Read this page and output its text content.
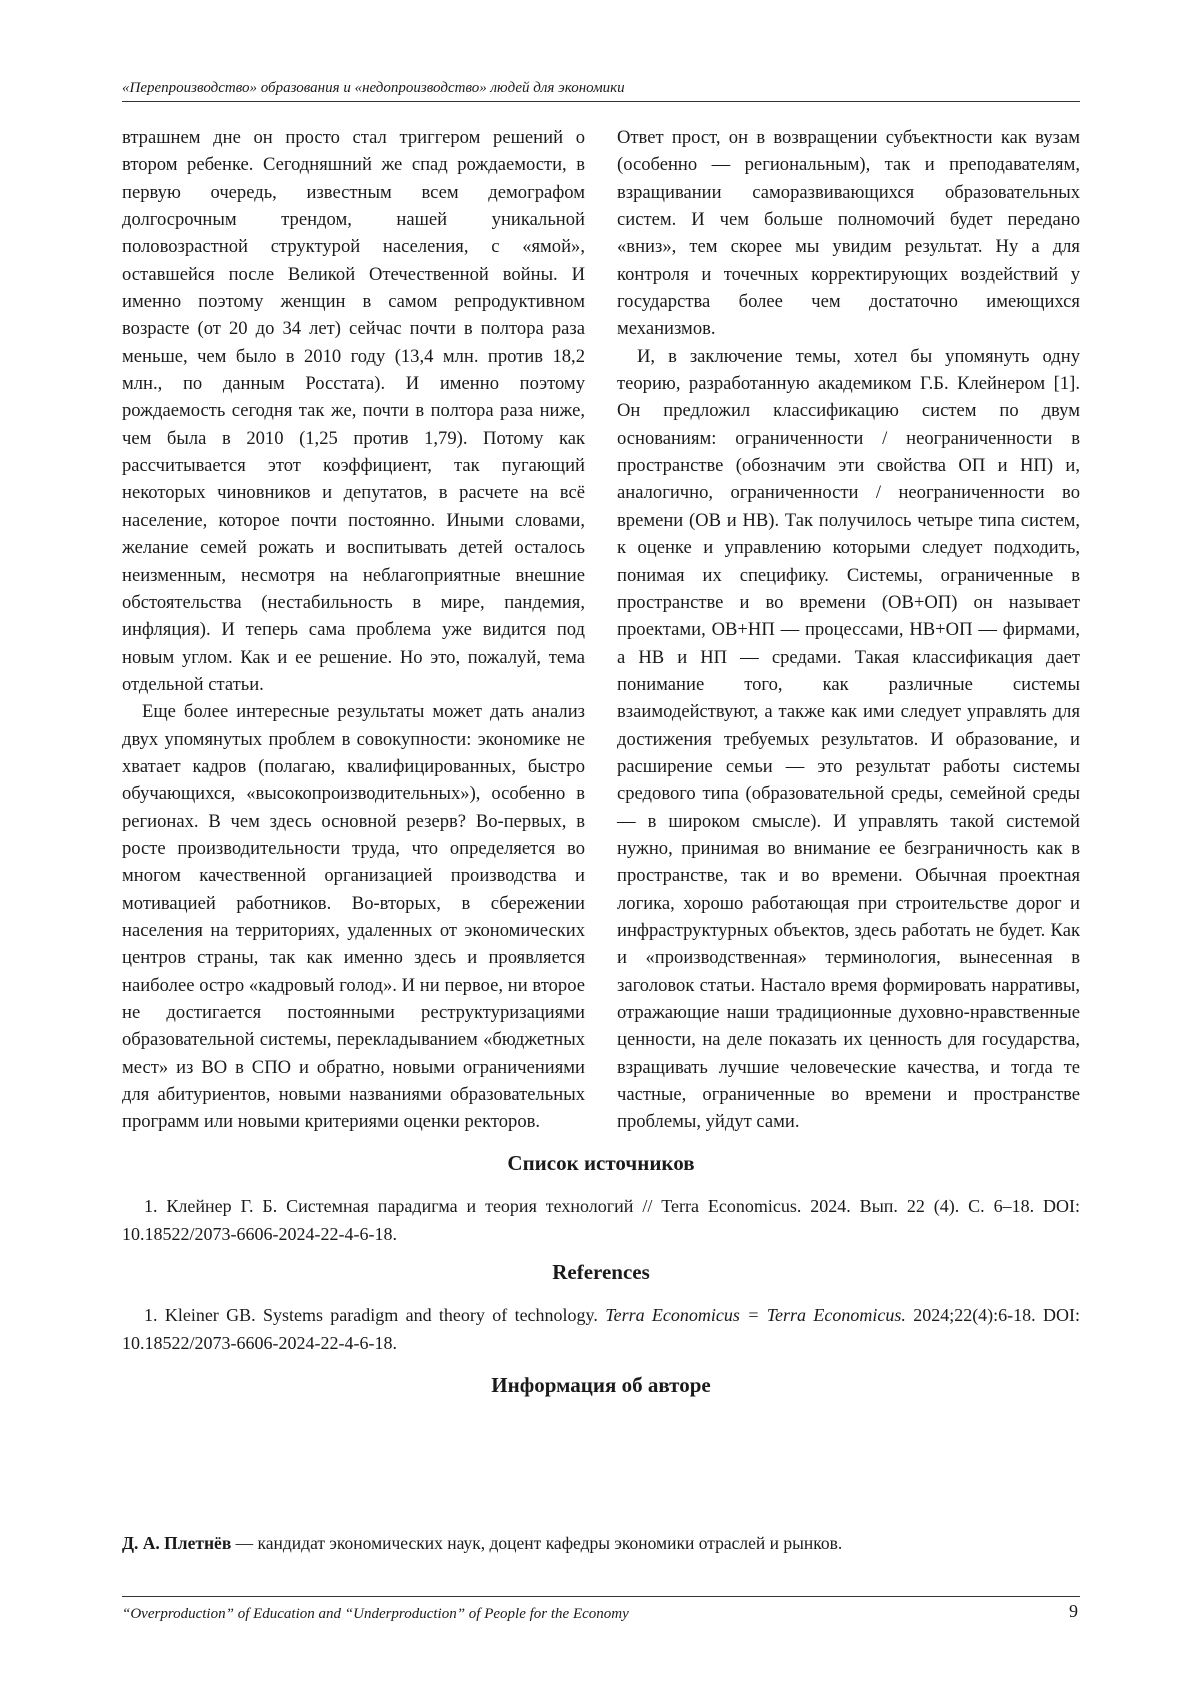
«Перепроизводство» образования и «недопроизводство» людей для экономики

втрашнем дне он просто стал триггером решений о втором ребенке. Сегодняшний же спад рождаемости, в первую очередь, известным всем демографом долгосрочным трендом, нашей уникальной половозрастной структурой населения, с «ямой», оставшейся после Великой Отечественной войны. И именно поэтому женщин в самом репродуктивном возрасте (от 20 до 34 лет) сейчас почти в полтора раза меньше, чем было в 2010 году (13,4 млн. против 18,2 млн., по данным Росстата). И именно поэтому рождаемость сегодня так же, почти в полтора раза ниже, чем была в 2010 (1,25 против 1,79). Потому как рассчитывается этот коэффициент, так пугающий некоторых чиновников и депутатов, в расчете на всё население, которое почти постоянно. Иными словами, желание семей рожать и воспитывать детей осталось неизменным, несмотря на неблагоприятные внешние обстоятельства (нестабильность в мире, пандемия, инфляция). И теперь сама проблема уже видится под новым углом. Как и ее решение. Но это, пожалуй, тема отдельной статьи.

Еще более интересные результаты может дать анализ двух упомянутых проблем в совокупности: экономике не хватает кадров (полагаю, квалифицированных, быстро обучающихся, «высокопроизводительных»), особенно в регионах. В чем здесь основной резерв? Во-первых, в росте производительности труда, что определяется во многом качественной организацией производства и мотивацией работников. Во-вторых, в сбережении населения на территориях, удаленных от экономических центров страны, так как именно здесь и проявляется наиболее остро «кадровый голод». И ни первое, ни второе не достигается постоянными реструктуризациями образовательной системы, перекладыванием «бюджетных мест» из ВО в СПО и обратно, новыми ограничениями для абитуриентов, новыми названиями образовательных программ или новыми критериями оценки ректоров.

Ответ прост, он в возвращении субъектности как вузам (особенно — региональным), так и преподавателям, взращивании саморазвивающихся образовательных систем. И чем больше полномочий будет передано «вниз», тем скорее мы увидим результат. Ну а для контроля и точечных корректирующих воздействий у государства более чем достаточно имеющихся механизмов.

И, в заключение темы, хотел бы упомянуть одну теорию, разработанную академиком Г.Б. Клейнером [1]. Он предложил классификацию систем по двум основаниям: ограниченности / неограниченности в пространстве (обозначим эти свойства ОП и НП) и, аналогично, ограниченности / неограниченности во времени (ОВ и НВ). Так получилось четыре типа систем, к оценке и управлению которыми следует подходить, понимая их специфику. Системы, ограниченные в пространстве и во времени (ОВ+ОП) он называет проектами, ОВ+НП — процессами, НВ+ОП — фирмами, а НВ и НП — средами. Такая классификация дает понимание того, как различные системы взаимодействуют, а также как ими следует управлять для достижения требуемых результатов. И образование, и расширение семьи — это результат работы системы средового типа (образовательной среды, семейной среды — в широком смысле). И управлять такой системой нужно, принимая во внимание ее безграничность как в пространстве, так и во времени. Обычная проектная логика, хорошо работающая при строительстве дорог и инфраструктурных объектов, здесь работать не будет. Как и «производственная» терминология, вынесенная в заголовок статьи. Настало время формировать нарративы, отражающие наши традиционные духовно-нравственные ценности, на деле показать их ценность для государства, взращивать лучшие человеческие качества, и тогда те частные, ограниченные во времени и пространстве проблемы, уйдут сами.

Список источников
1. Клейнер Г. Б. Системная парадигма и теория технологий // Terra Economicus. 2024. Вып. 22 (4). С. 6–18. DOI: 10.18522/2073-6606-2024-22-4-6-18.
References
1. Kleiner GB. Systems paradigm and theory of technology. Terra Economicus = Terra Economicus. 2024;22(4):6-18. DOI: 10.18522/2073-6606-2024-22-4-6-18.
Информация об авторе
Д. А. Плетнёв — кандидат экономических наук, доцент кафедры экономики отраслей и рынков.
“Overproduction” of Education and “Underproduction” of People for the Economy	9
